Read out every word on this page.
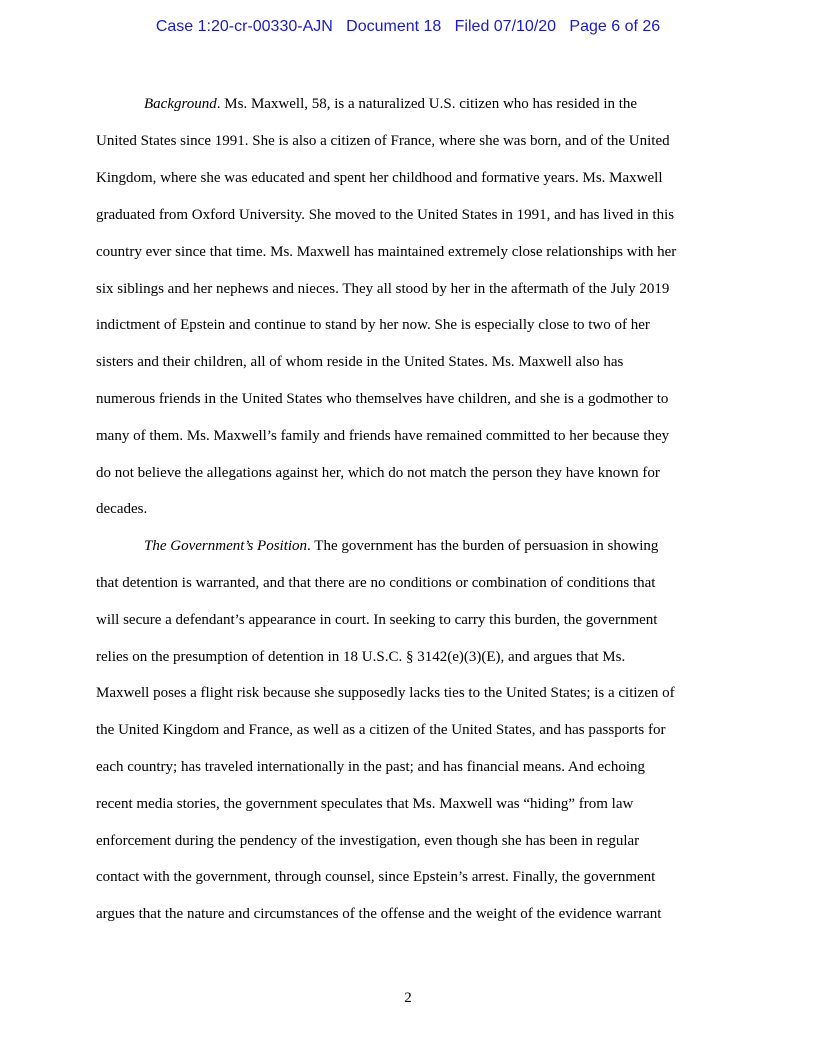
Case 1:20-cr-00330-AJN Document 18 Filed 07/10/20 Page 6 of 26
Background. Ms. Maxwell, 58, is a naturalized U.S. citizen who has resided in the
United States since 1991. She is also a citizen of France, where she was born, and of the United
Kingdom, where she was educated and spent her childhood and formative years. Ms. Maxwell
graduated from Oxford University. She moved to the United States in 1991, and has lived in this
country ever since that time. Ms. Maxwell has maintained extremely close relationships with her
six siblings and her nephews and nieces. They all stood by her in the aftermath of the July 2019
indictment of Epstein and continue to stand by her now. She is especially close to two of her
sisters and their children, all of whom reside in the United States. Ms. Maxwell also has
numerous friends in the United States who themselves have children, and she is a godmother to
many of them. Ms. Maxwell’s family and friends have remained committed to her because they
do not believe the allegations against her, which do not match the person they have known for
decades.
The Government’s Position. The government has the burden of persuasion in showing
that detention is warranted, and that there are no conditions or combination of conditions that
will secure a defendant’s appearance in court. In seeking to carry this burden, the government
relies on the presumption of detention in 18 U.S.C. § 3142(e)(3)(E), and argues that Ms.
Maxwell poses a flight risk because she supposedly lacks ties to the United States; is a citizen of
the United Kingdom and France, as well as a citizen of the United States, and has passports for
each country; has traveled internationally in the past; and has financial means. And echoing
recent media stories, the government speculates that Ms. Maxwell was “hiding” from law
enforcement during the pendency of the investigation, even though she has been in regular
contact with the government, through counsel, since Epstein’s arrest. Finally, the government
argues that the nature and circumstances of the offense and the weight of the evidence warrant
2
